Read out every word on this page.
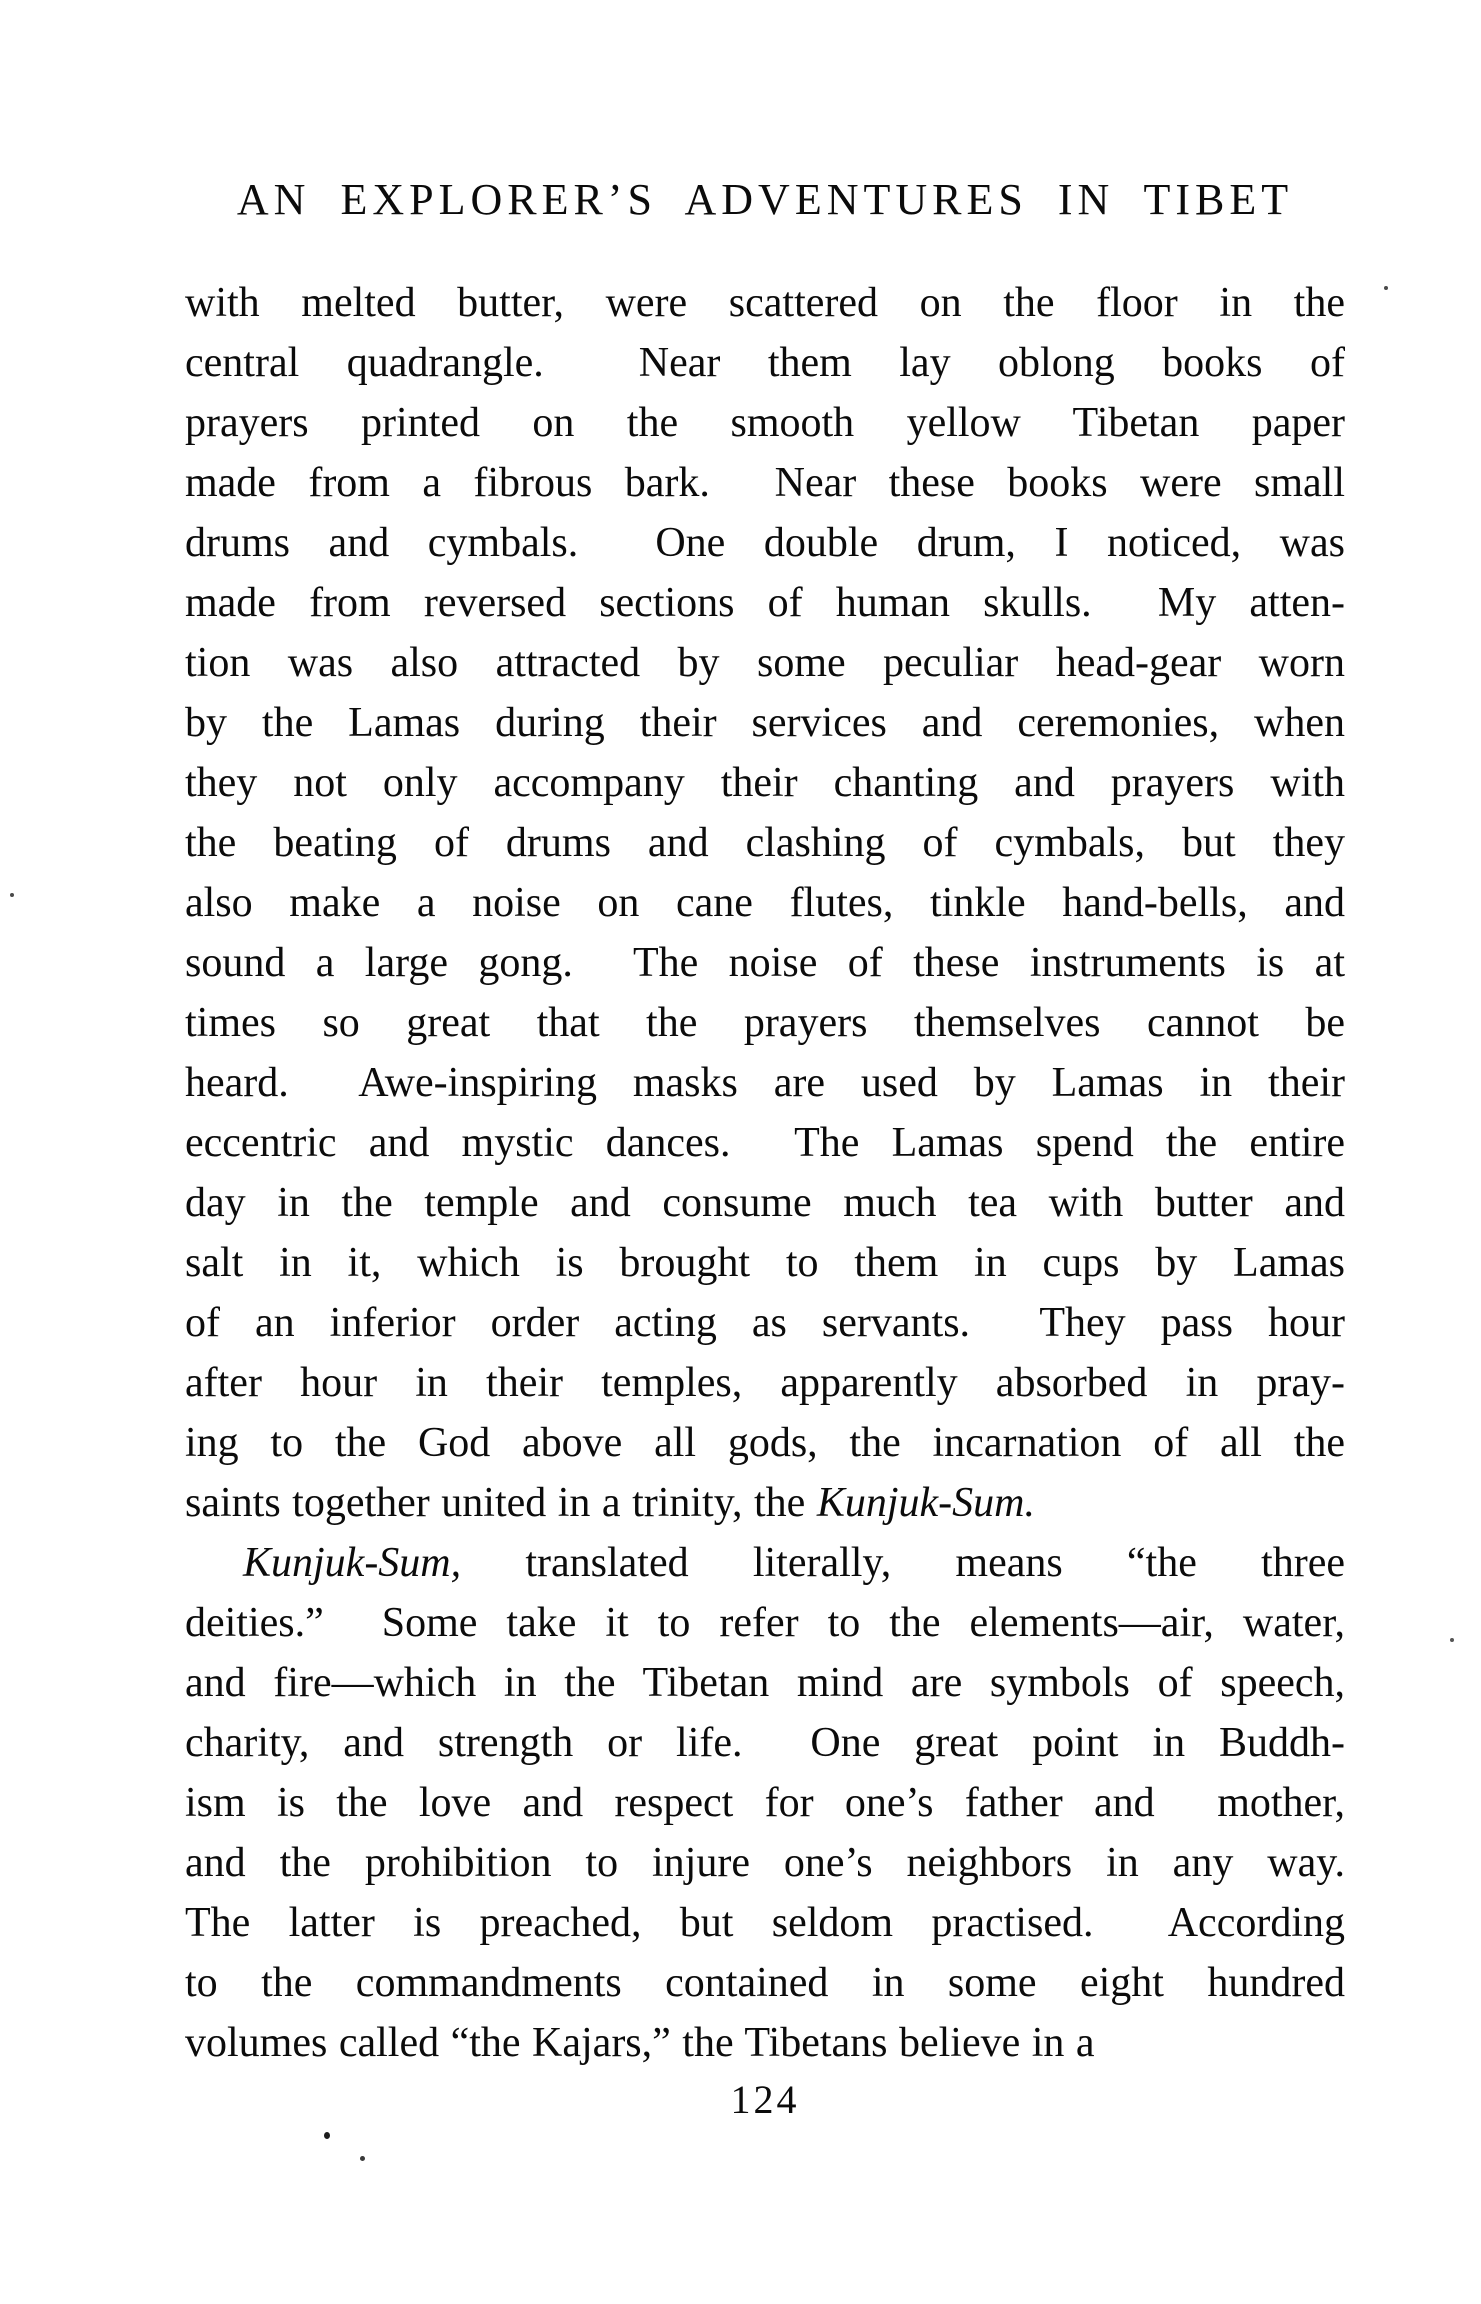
AN EXPLORER’S ADVENTURES IN TIBET
with melted butter, were scattered on the floor in the
central quadrangle.  Near them lay oblong books of
prayers printed on the smooth yellow Tibetan paper
made from a fibrous bark.  Near these books were small
drums and cymbals.  One double drum, I noticed, was
made from reversed sections of human skulls.  My atten-
tion was also attracted by some peculiar head-gear worn
by the Lamas during their services and ceremonies, when
they not only accompany their chanting and prayers with
the beating of drums and clashing of cymbals, but they
also make a noise on cane flutes, tinkle hand-bells, and
sound a large gong.  The noise of these instruments is at
times so great that the prayers themselves cannot be
heard.  Awe-inspiring masks are used by Lamas in their
eccentric and mystic dances.  The Lamas spend the entire
day in the temple and consume much tea with butter and
salt in it, which is brought to them in cups by Lamas
of an inferior order acting as servants.  They pass hour
after hour in their temples, apparently absorbed in pray-
ing to the God above all gods, the incarnation of all the
saints together united in a trinity, the Kunjuk-Sum.
Kunjuk-Sum, translated literally, means “the three
deities.”  Some take it to refer to the elements—air, water,
and fire—which in the Tibetan mind are symbols of speech,
charity, and strength or life.  One great point in Buddh-
ism is the love and respect for one’s father and  mother,
and the prohibition to injure one’s neighbors in any way.
The latter is preached, but seldom practised.  According
to the commandments contained in some eight hundred
volumes called “the Kajars,” the Tibetans believe in a
124
